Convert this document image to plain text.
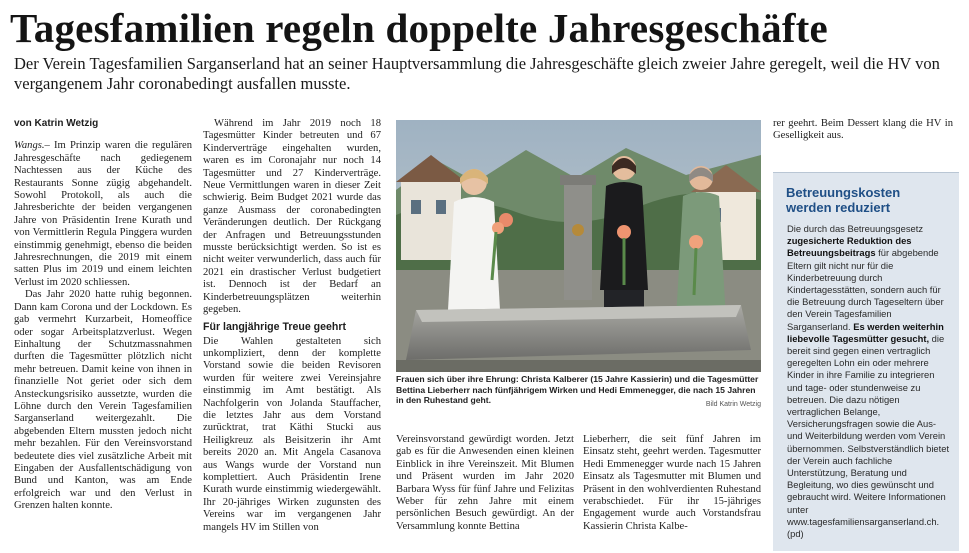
Tagesfamilien regeln doppelte Jahresgeschäfte

Der Verein Tagesfamilien Sarganserland hat an seiner Hauptversammlung die Jahresgeschäfte gleich zweier Jahre geregelt, weil die HV von vergangenem Jahr coronabedingt ausfallen musste.

von Katrin Wetzig

Wangs.– Im Prinzip waren die regulären Jahresgeschäfte nach gediegenem Nachtessen aus der Küche des Restaurants Sonne zügig abgehandelt. Sowohl Protokoll, als auch die Jahresberichte der beiden vergangenen Jahre von Präsidentin Irene Kurath und von Vermittlerin Regula Pinggera wurden einstimmig genehmigt, ebenso die beiden Jahresrechnungen, die 2019 mit einem satten Plus im 2019 und einem leichten Verlust im 2020 schliessen.

Das Jahr 2020 hatte ruhig begonnen. Dann kam Corona und der Lockdown. Es gab vermehrt Kurzarbeit, Homeoffice oder sogar Arbeitsplatzverlust. Wegen Einhaltung der Schutzmassnahmen durften die Tagesmütter plötzlich nicht mehr betreuen. Damit keine von ihnen in finanzielle Not geriet oder sich dem Ansteckungsrisiko aussetzte, wurden die Löhne durch den Verein Tagesfamilien Sarganserland weitergezahlt. Die abgebenden Eltern mussten jedoch nicht mehr bezahlen. Für den Vereinsvorstand bedeutete dies viel zusätzliche Arbeit mit Eingaben der Ausfallentschädigung von Bund und Kanton, was am Ende erfolgreich war und den Verlust in Grenzen halten konnte.

Während im Jahr 2019 noch 18 Tagesmütter Kinder betreuten und 67 Kinderverträge eingehalten wurden, waren es im Coronajahr nur noch 14 Tagesmütter und 27 Kinderverträge. Neue Vermittlungen waren in dieser Zeit schwierig. Beim Budget 2021 wurde das ganze Ausmass der coronabedingten Veränderungen deutlich. Der Rückgang der Anfragen und Betreuungsstunden musste berücksichtigt werden. So ist es nicht weiter verwunderlich, dass auch für 2021 ein drastischer Verlust budgetiert ist. Dennoch ist der Bedarf an Kinderbetreuungsplätzen weiterhin gegeben.

Für langjährige Treue geehrt

Die Wahlen gestalteten sich unkompliziert, denn der komplette Vorstand sowie die beiden Revisoren wurden für weitere zwei Vereinsjahre einstimmig im Amt bestätigt. Als Nachfolgerin von Jolanda Stauffacher, die letztes Jahr aus dem Vorstand zurücktrat, trat Käthi Stucki aus Heiligkreuz als Beisitzerin ihr Amt bereits 2020 an. Mit Angela Casanova aus Wangs wurde der Vorstand nun komplettiert. Auch Präsidentin Irene Kurath wurde einstimmig wiedergewählt. Ihr 20-jähriges Wirken zugunsten des Vereins war im vergangenen Jahr mangels HV im Stillen von

Frauen sich über ihre Ehrung: Christa Kalberer (15 Jahre Kassierin) und die Tagesmütter Bettina Lieberherr nach fünfjährigem Wirken und Hedi Emmenegger, die nach 15 Jahren in den Ruhestand geht.	Bild Katrin Wetzig

Vereinsvorstand gewürdigt worden. Jetzt gab es für die Anwesenden einen kleinen Einblick in ihre Vereinszeit. Mit Blumen und Präsent wurden im Jahr 2020 Barbara Wyss für fünf Jahre und Felizitas Weber für zehn Jahre mit einem persönlichen Besuch gewürdigt. An der Versammlung konnte Bettina

Lieberherr, die seit fünf Jahren im Einsatz steht, geehrt werden. Tagesmutter Hedi Emmenegger wurde nach 15 Jahren Einsatz als Tagesmutter mit Blumen und Präsent in den wohlverdienten Ruhestand verabschiedet. Für ihr 15-jähriges Engagement wurde auch Vorstandsfrau Kassierin Christa Kalbe-

rer geehrt. Beim Dessert klang die HV in Geselligkeit aus.

Betreuungskosten werden reduziert

Die durch das Betreuungsgesetz zugesicherte Reduktion des Betreuungsbeitrags für abgebende Eltern gilt nicht nur für die Kinderbetreuung durch Kindertagesstätten, sondern auch für die Betreuung durch Tageseltern über den Verein Tagesfamilien Sarganserland. Es werden weiterhin liebevolle Tagesmütter gesucht, die bereit sind gegen einen vertraglich geregelten Lohn ein oder mehrere Kinder in ihre Familie zu integrieren und tage- oder stundenweise zu betreuen. Die dazu nötigen vertraglichen Belange, Versicherungsfragen sowie die Aus- und Weiterbildung werden vom Verein übernommen. Selbstverständlich bietet der Verein auch fachliche Unterstützung, Beratung und Begleitung, wo dies gewünscht und gebraucht wird. Weitere Informationen unter www.tagesfamiliensarganserland.ch. (pd)
